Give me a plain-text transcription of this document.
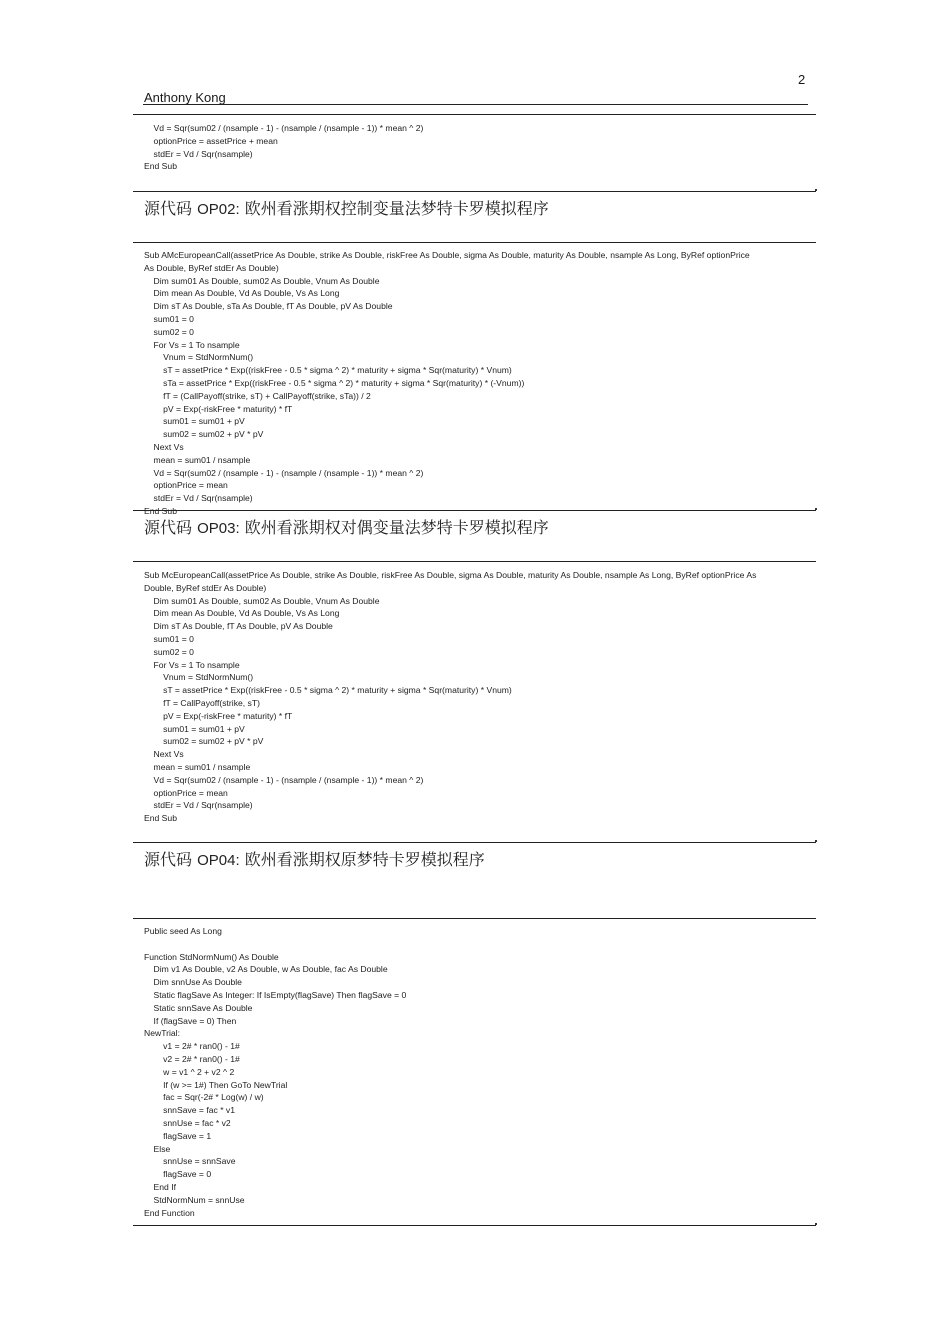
2
Anthony Kong
Vd = Sqr(sum02 / (nsample - 1) - (nsample / (nsample - 1)) * mean ^ 2)
optionPrice = assetPrice + mean
stdEr = Vd / Sqr(nsample)
End Sub
源代码 OP02: 欧州看涨期权控制变量法梦特卡罗模拟程序
Sub AMcEuropeanCall(assetPrice As Double, strike As Double, riskFree As Double, sigma As Double, maturity As Double, nsample As Long, ByRef optionPrice
As Double, ByRef stdEr As Double)
Dim sum01 As Double, sum02 As Double, Vnum As Double
Dim mean As Double, Vd As Double, Vs As Long
Dim sT As Double, sTa As Double, fT As Double, pV As Double
sum01 = 0
sum02 = 0
For Vs = 1 To nsample
Vnum = StdNormNum()
sT = assetPrice * Exp((riskFree - 0.5 * sigma ^ 2) * maturity + sigma * Sqr(maturity) * Vnum)
sTa = assetPrice * Exp((riskFree - 0.5 * sigma ^ 2) * maturity + sigma * Sqr(maturity) * (-Vnum))
fT = (CallPayoff(strike, sT) + CallPayoff(strike, sTa)) / 2
pV = Exp(-riskFree * maturity) * fT
sum01 = sum01 + pV
sum02 = sum02 + pV * pV
Next Vs
mean = sum01 / nsample
Vd = Sqr(sum02 / (nsample - 1) - (nsample / (nsample - 1)) * mean ^ 2)
optionPrice = mean
stdEr = Vd / Sqr(nsample)
End Sub
源代码 OP03: 欧州看涨期权对偶变量法梦特卡罗模拟程序
Sub McEuropeanCall(assetPrice As Double, strike As Double, riskFree As Double, sigma As Double, maturity As Double, nsample As Long, ByRef optionPrice As
Double, ByRef stdEr As Double)
Dim sum01 As Double, sum02 As Double, Vnum As Double
Dim mean As Double, Vd As Double, Vs As Long
Dim sT As Double, fT As Double, pV As Double
sum01 = 0
sum02 = 0
For Vs = 1 To nsample
Vnum = StdNormNum()
sT = assetPrice * Exp((riskFree - 0.5 * sigma ^ 2) * maturity + sigma * Sqr(maturity) * Vnum)
fT = CallPayoff(strike, sT)
pV = Exp(-riskFree * maturity) * fT
sum01 = sum01 + pV
sum02 = sum02 + pV * pV
Next Vs
mean = sum01 / nsample
Vd = Sqr(sum02 / (nsample - 1) - (nsample / (nsample - 1)) * mean ^ 2)
optionPrice = mean
stdEr = Vd / Sqr(nsample)
End Sub
源代码 OP04: 欧州看涨期权原梦特卡罗模拟程序
Public seed As Long

Function StdNormNum() As Double
Dim v1 As Double, v2 As Double, w As Double, fac As Double
Dim snnUse As Double
Static flagSave As Integer: If IsEmpty(flagSave) Then flagSave = 0
Static snnSave As Double
If (flagSave = 0) Then
NewTrial:
v1 = 2# * ran0() - 1#
v2 = 2# * ran0() - 1#
w = v1 ^ 2 + v2 ^ 2
If (w >= 1#) Then GoTo NewTrial
fac = Sqr(-2# * Log(w) / w)
snnSave = fac * v1
snnUse = fac * v2
flagSave = 1
Else
snnUse = snnSave
flagSave = 0
End If
StdNormNum = snnUse
End Function
